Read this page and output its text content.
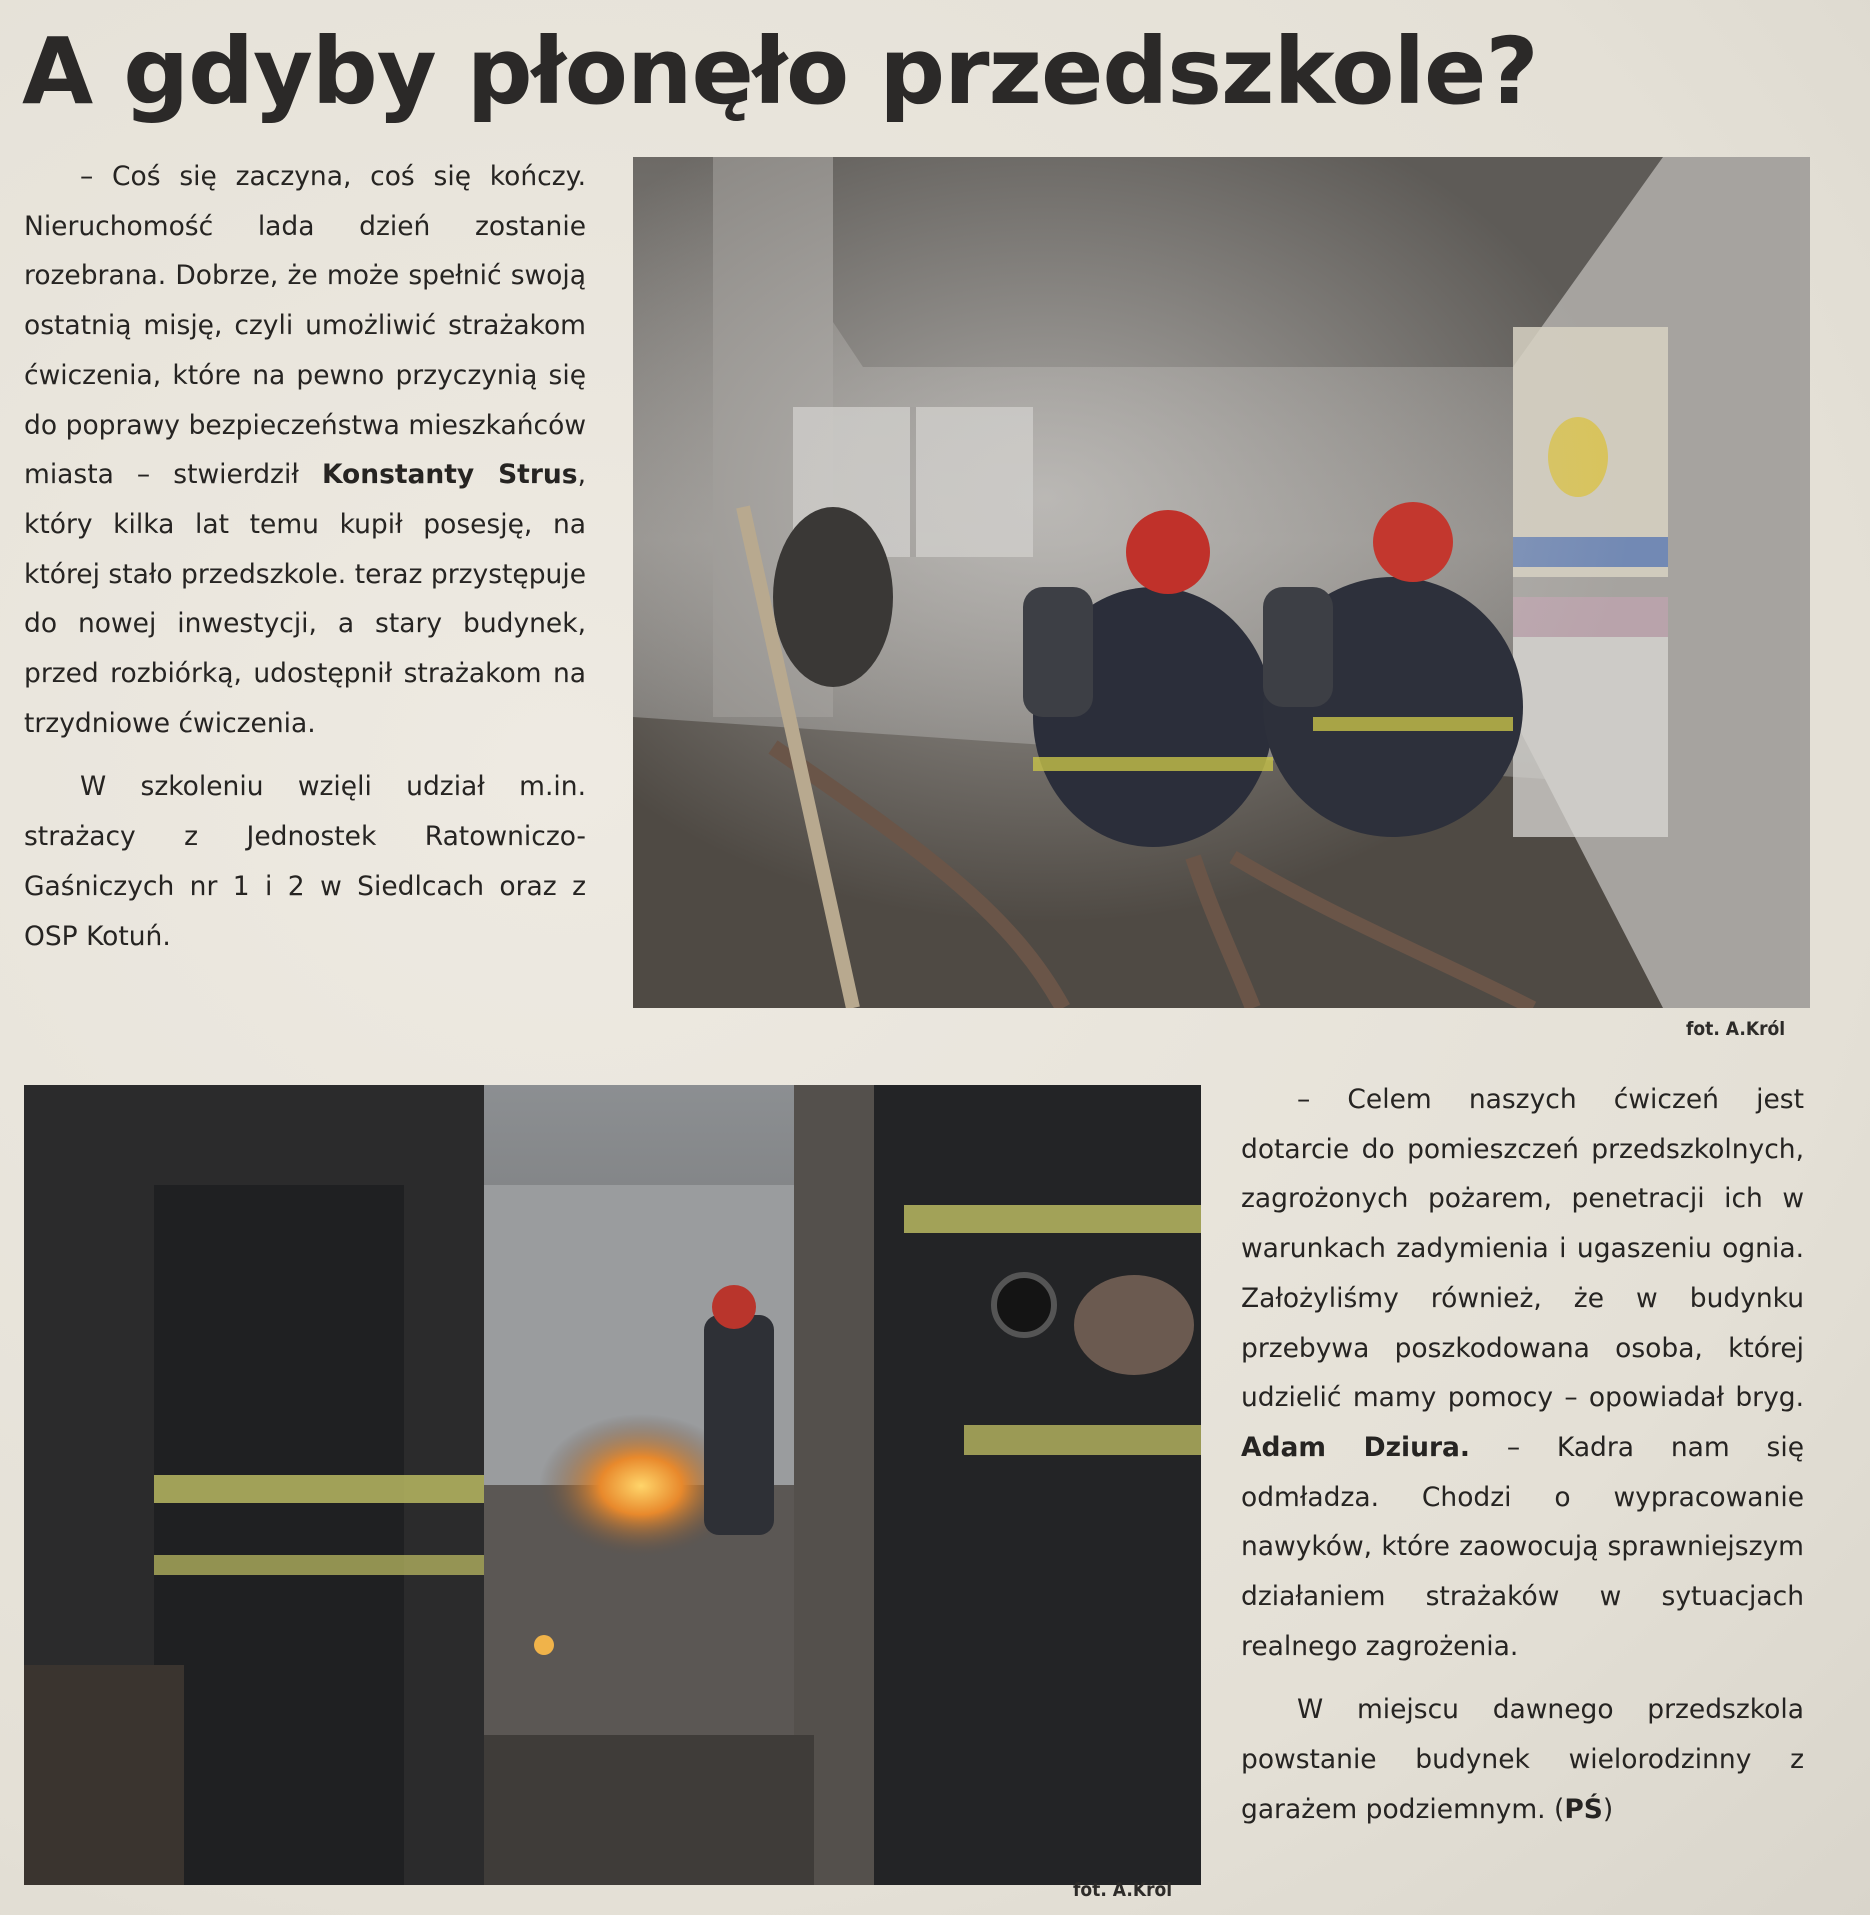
A gdyby płonęło przedszkole?

– Coś się zaczyna, coś się kończy. Nieruchomość lada dzień zostanie rozebrana. Dobrze, że może spełnić swoją ostatnią misję, czyli umożliwić strażakom ćwiczenia, które na pewno przyczynią się do poprawy bezpieczeństwa mieszkańców miasta – stwierdził Konstanty Strus, który kilka lat temu kupił posesję, na której stało przedszkole. teraz przystępuje do nowej inwestycji, a stary budynek, przed rozbiórką, udostępnił strażakom na trzydniowe ćwiczenia.

W szkoleniu wzięli udział m.in. strażacy z Jednostek Ratowniczo-Gaśniczych nr 1 i 2 w Siedlcach oraz z OSP Kotuń.

fot. A.Król
fot. A.Król

– Celem naszych ćwiczeń jest dotarcie do pomieszczeń przedszkolnych, zagrożonych pożarem, penetracji ich w warunkach zadymienia i ugaszeniu ognia. Założyliśmy również, że w budynku przebywa poszkodowana osoba, której udzielić mamy pomocy – opowiadał bryg. Adam Dziura. – Kadra nam się odmładza. Chodzi o wypracowanie nawyków, które zaowocują sprawniejszym działaniem strażaków w sytuacjach realnego zagrożenia.

W miejscu dawnego przedszkola powstanie budynek wielorodzinny z garażem podziemnym. (PŚ)
